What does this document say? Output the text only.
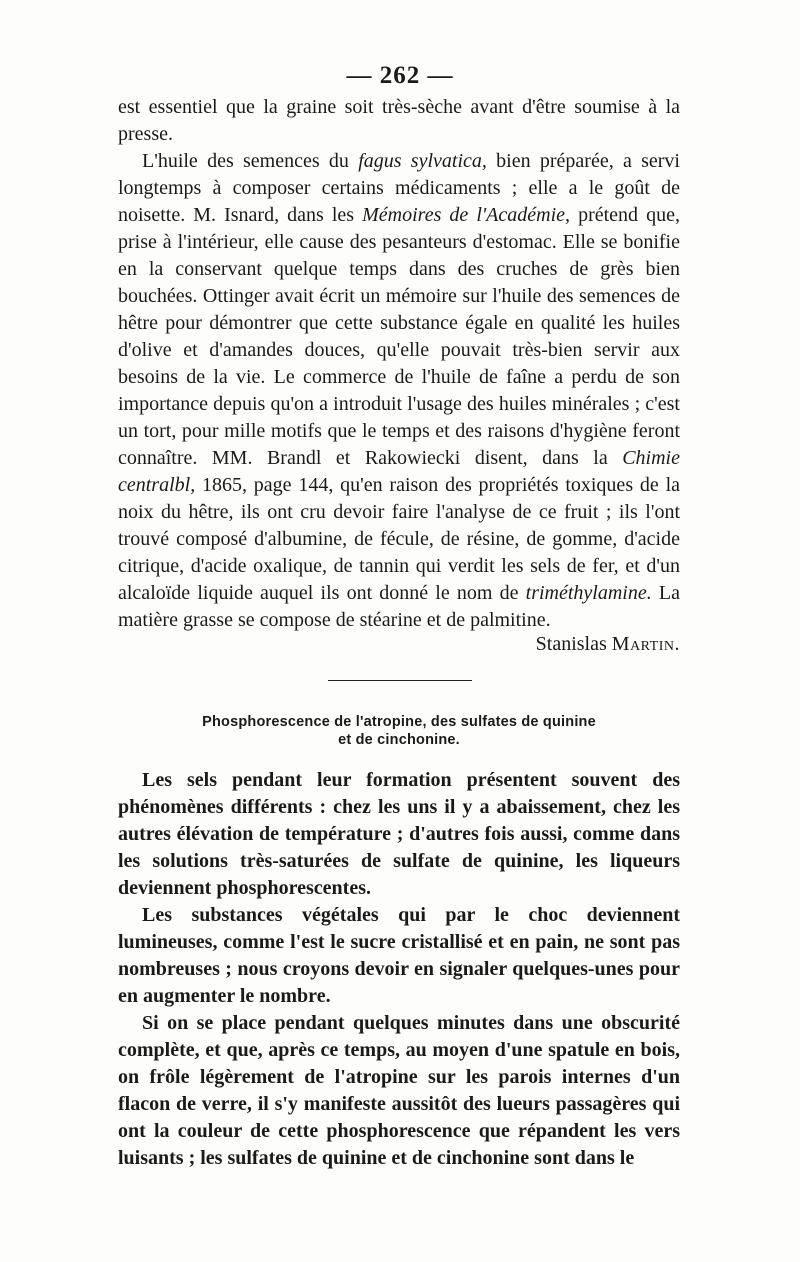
— 262 —

est essentiel que la graine soit très-sèche avant d'être soumise à la presse.

L'huile des semences du fagus sylvatica, bien préparée, a servi longtemps à composer certains médicaments ; elle a le goût de noisette. M. Isnard, dans les Mémoires de l'Académie, prétend que, prise à l'intérieur, elle cause des pesanteurs d'estomac. Elle se bonifie en la conservant quelque temps dans des cruches de grès bien bouchées. Ottinger avait écrit un mémoire sur l'huile des semences de hêtre pour démontrer que cette substance égale en qualité les huiles d'olive et d'amandes douces, qu'elle pouvait très-bien servir aux besoins de la vie. Le commerce de l'huile de faîne a perdu de son importance depuis qu'on a introduit l'usage des huiles minérales ; c'est un tort, pour mille motifs que le temps et des raisons d'hygiène feront connaître. MM. Brandl et Rakowiecki disent, dans la Chimie centralbl, 1865, page 144, qu'en raison des propriétés toxiques de la noix du hêtre, ils ont cru devoir faire l'analyse de ce fruit ; ils l'ont trouvé composé d'albumine, de fécule, de résine, de gomme, d'acide citrique, d'acide oxalique, de tannin qui verdit les sels de fer, et d'un alcaloïde liquide auquel ils ont donné le nom de triméthylamine. La matière grasse se compose de stéarine et de palmitine.

Stanislas Martin.
Phosphorescence de l'atropine, des sulfates de quinine
et de cinchonine.

Les sels pendant leur formation présentent souvent des phénomènes différents : chez les uns il y a abaissement, chez les autres élévation de température ; d'autres fois aussi, comme dans les solutions très-saturées de sulfate de quinine, les liqueurs deviennent phosphorescentes.

Les substances végétales qui par le choc deviennent lumineuses, comme l'est le sucre cristallisé et en pain, ne sont pas nombreuses ; nous croyons devoir en signaler quelques-unes pour en augmenter le nombre.

Si on se place pendant quelques minutes dans une obscurité complète, et que, après ce temps, au moyen d'une spatule en bois, on frôle légèrement de l'atropine sur les parois internes d'un flacon de verre, il s'y manifeste aussitôt des lueurs passagères qui ont la couleur de cette phosphorescence que répandent les vers luisants ; les sulfates de quinine et de cinchonine sont dans le
